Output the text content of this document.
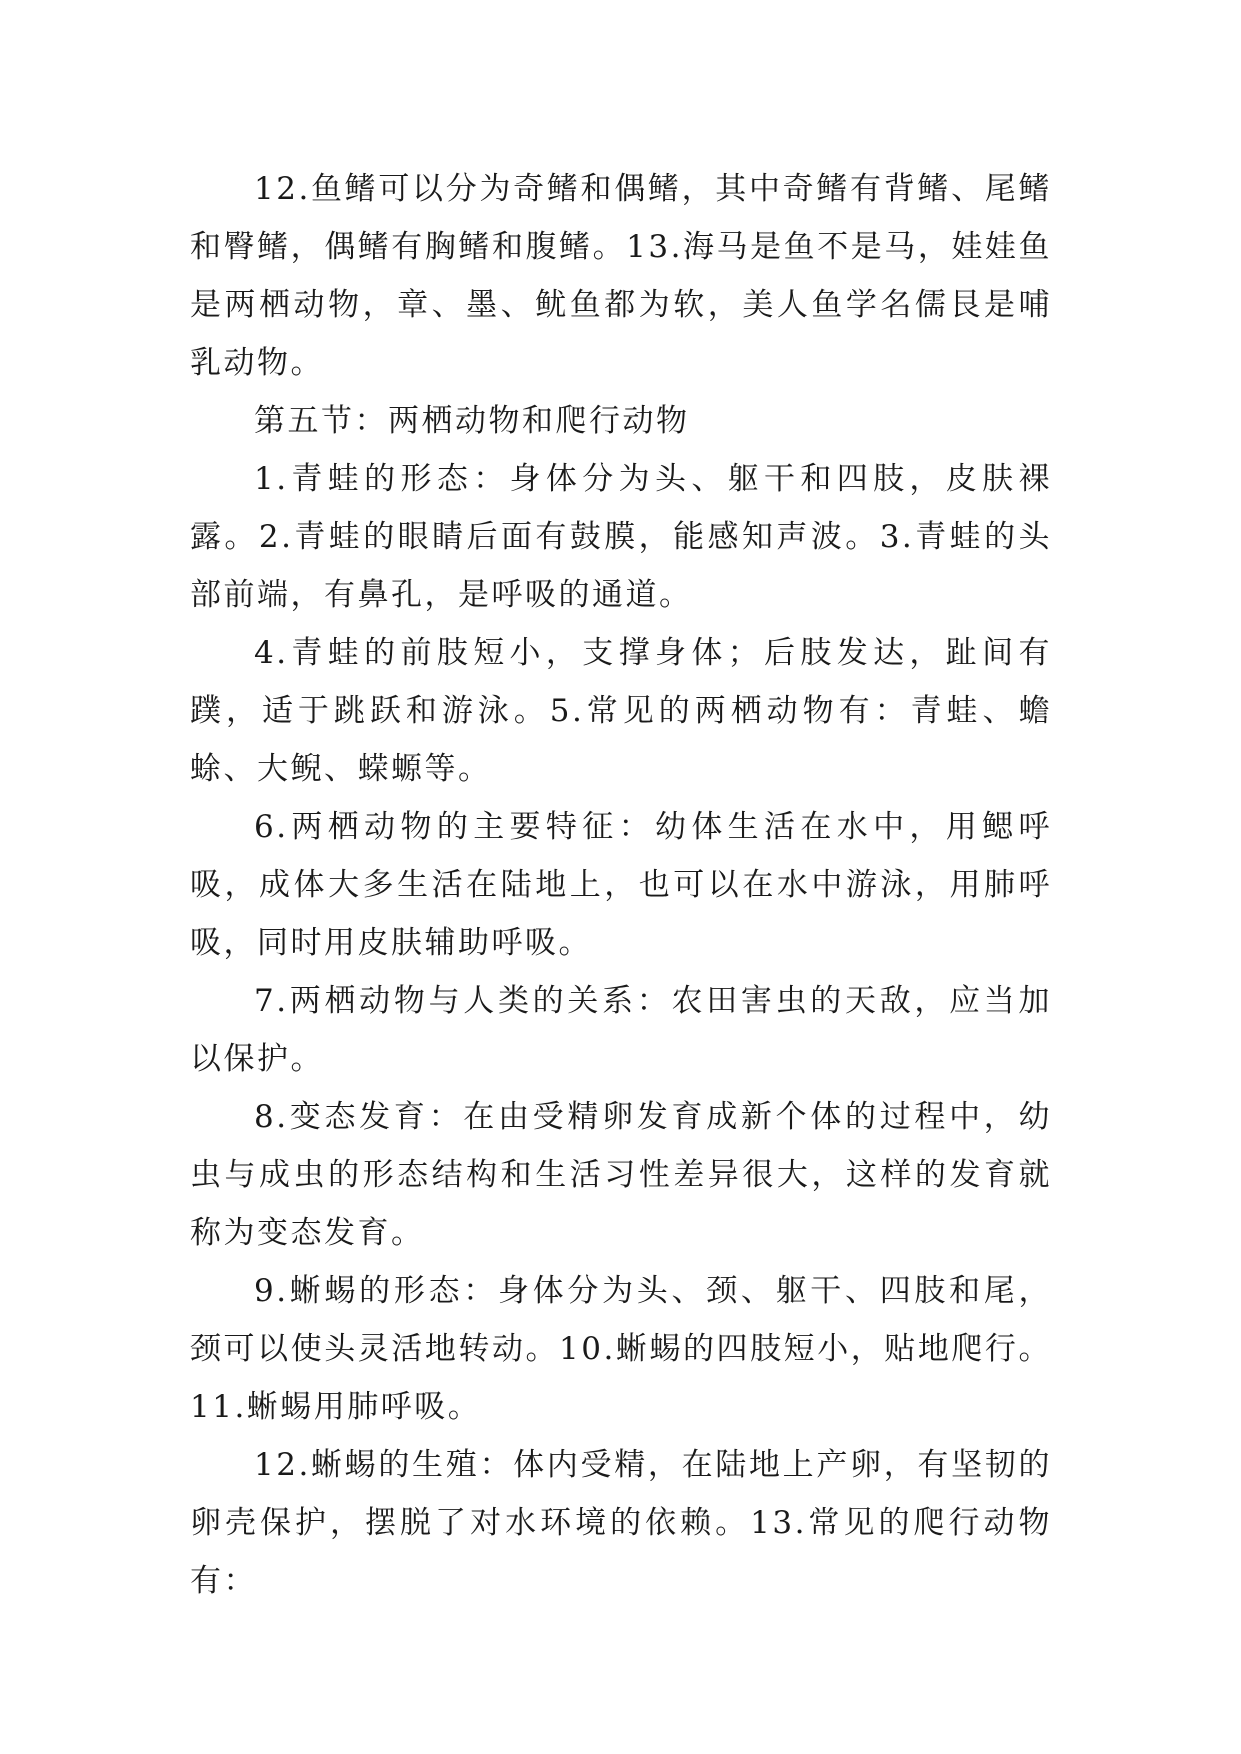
12.鱼鳍可以分为奇鳍和偶鳍，其中奇鳍有背鳍、尾鳍和臀鳍，偶鳍有胸鳍和腹鳍。13.海马是鱼不是马，娃娃鱼是两栖动物，章、墨、鱿鱼都为软，美人鱼学名儒艮是哺乳动物。

第五节：两栖动物和爬行动物

1.青蛙的形态：身体分为头、躯干和四肢，皮肤裸露。2.青蛙的眼睛后面有鼓膜，能感知声波。3.青蛙的头部前端，有鼻孔，是呼吸的通道。

4.青蛙的前肢短小，支撑身体；后肢发达，趾间有蹼，适于跳跃和游泳。5.常见的两栖动物有：青蛙、蟾蜍、大鲵、蝾螈等。

6.两栖动物的主要特征：幼体生活在水中，用鳃呼吸，成体大多生活在陆地上，也可以在水中游泳，用肺呼吸，同时用皮肤辅助呼吸。

7.两栖动物与人类的关系：农田害虫的天敌，应当加以保护。

8.变态发育：在由受精卵发育成新个体的过程中，幼虫与成虫的形态结构和生活习性差异很大，这样的发育就称为变态发育。

9.蜥蜴的形态：身体分为头、颈、躯干、四肢和尾，颈可以使头灵活地转动。10.蜥蜴的四肢短小，贴地爬行。11.蜥蜴用肺呼吸。

12.蜥蜴的生殖：体内受精，在陆地上产卵，有坚韧的卵壳保护，摆脱了对水环境的依赖。13.常见的爬行动物有：
